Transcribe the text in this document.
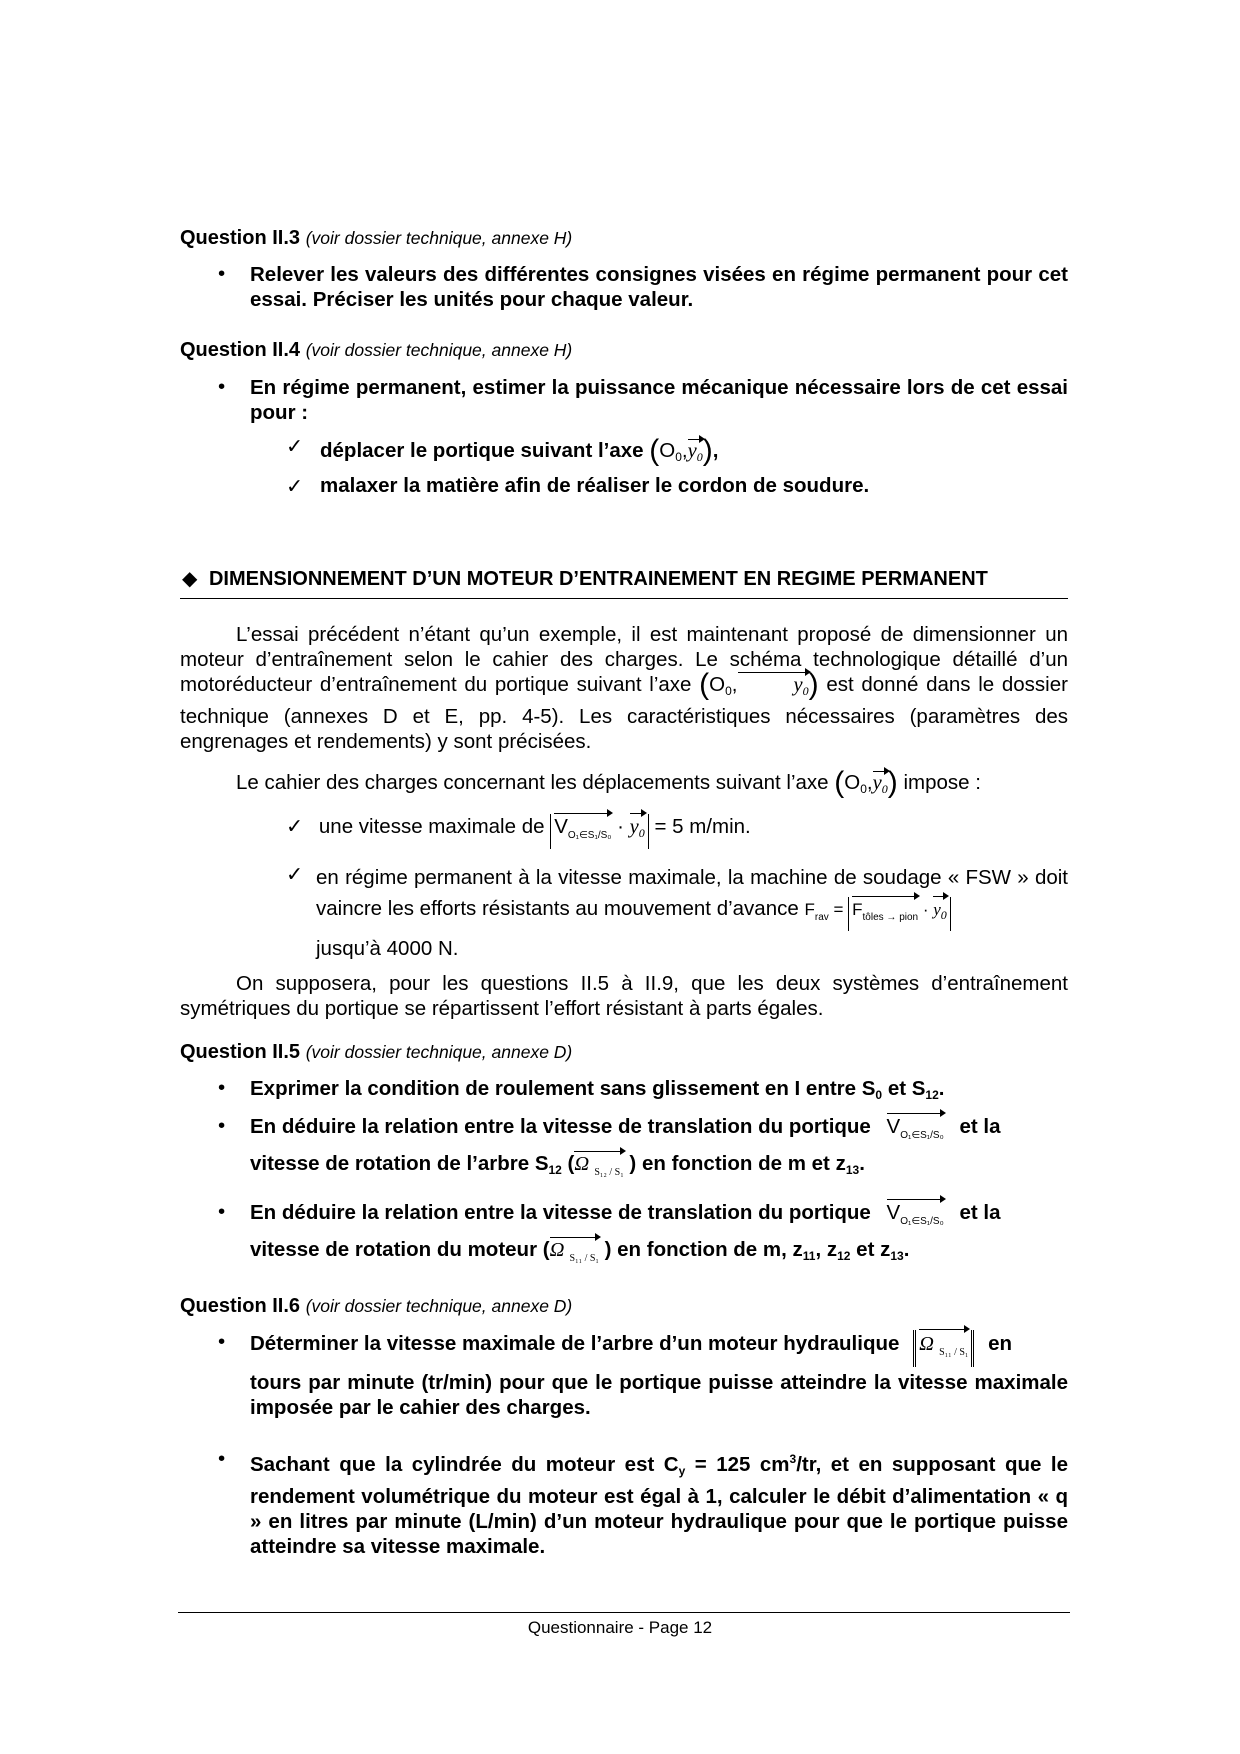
Question II.3 (voir dossier technique, annexe H)
• Relever les valeurs des différentes consignes visées en régime permanent pour cet essai. Préciser les unités pour chaque valeur.
Question II.4 (voir dossier technique, annexe H)
• En régime permanent, estimer la puissance mécanique nécessaire lors de cet essai pour :
✓ déplacer le portique suivant l’axe $(O_0,y_0)$,
✓ malaxer la matière afin de réaliser le cordon de soudure.
◆ DIMENSIONNEMENT D’UN MOTEUR D’ENTRAINEMENT EN REGIME PERMANENT
L’essai précédent n’étant qu’un exemple, il est maintenant proposé de dimensionner un moteur d’entraînement selon le cahier des charges. Le schéma technologique détaillé d’un motoréducteur d’entraînement du portique suivant l’axe ($O_0$,	$y_0$) est donné dans le dossier technique (annexes D et E, pp. 4-5). Les caractéristiques nécessaires (paramètres des engrenages et rendements) y sont précisées.
Le cahier des charges concernant les déplacements suivant l’axe $(O_0,y_0)$ impose :
✓ une vitesse maximale de $V_{O_1\in S_1/S_0} \cdot y_0 = 5$ m/min.
✓ en régime permanent à la vitesse maximale, la machine de soudage « FSW » doit vaincre les efforts résistants au mouvement d’avance $F_{rav} = F_{tôles \to pion} \cdot y_0$
jusqu’à 4000 N.
On supposera, pour les questions II.5 à II.9, que les deux systèmes d’entraînement symétriques du portique se répartissent l’effort résistant à parts égales.
Question II.5 (voir dossier technique, annexe D)
• Exprimer la condition de roulement sans glissement en I entre $S_0$ et $S_{12}$.
• En déduire la relation entre la vitesse de translation du portique $V_{O_1\in S_1/S_0}$ et la
vitesse de rotation de l’arbre $S_{12}$ (Ω $_{S_{12} / S_1}$ ) en fonction de m et $z_{13}$.
• En déduire la relation entre la vitesse de translation du portique $V_{O_1\in S_1/S_0}$ et la
vitesse de rotation du moteur (Ω $_{S_{11} / S_1}$ ) en fonction de m, $z_{11}$, $z_{12}$ et $z_{13}$.
Question II.6 (voir dossier technique, annexe D)
• Déterminer la vitesse maximale de l’arbre d’un moteur hydraulique Ω $_{S_{11} / S_1}$ en
tours par minute (tr/min) pour que le portique puisse atteindre la vitesse maximale imposée par le cahier des charges.
• Sachant que la cylindrée du moteur est $C_y = 125$ $cm^3/tr$, et en supposant que le rendement volumétrique du moteur est égal à 1, calculer le débit d’alimentation « q » en litres par minute (L/min) d’un moteur hydraulique pour que le portique puisse atteindre sa vitesse maximale.
Questionnaire - Page 12
